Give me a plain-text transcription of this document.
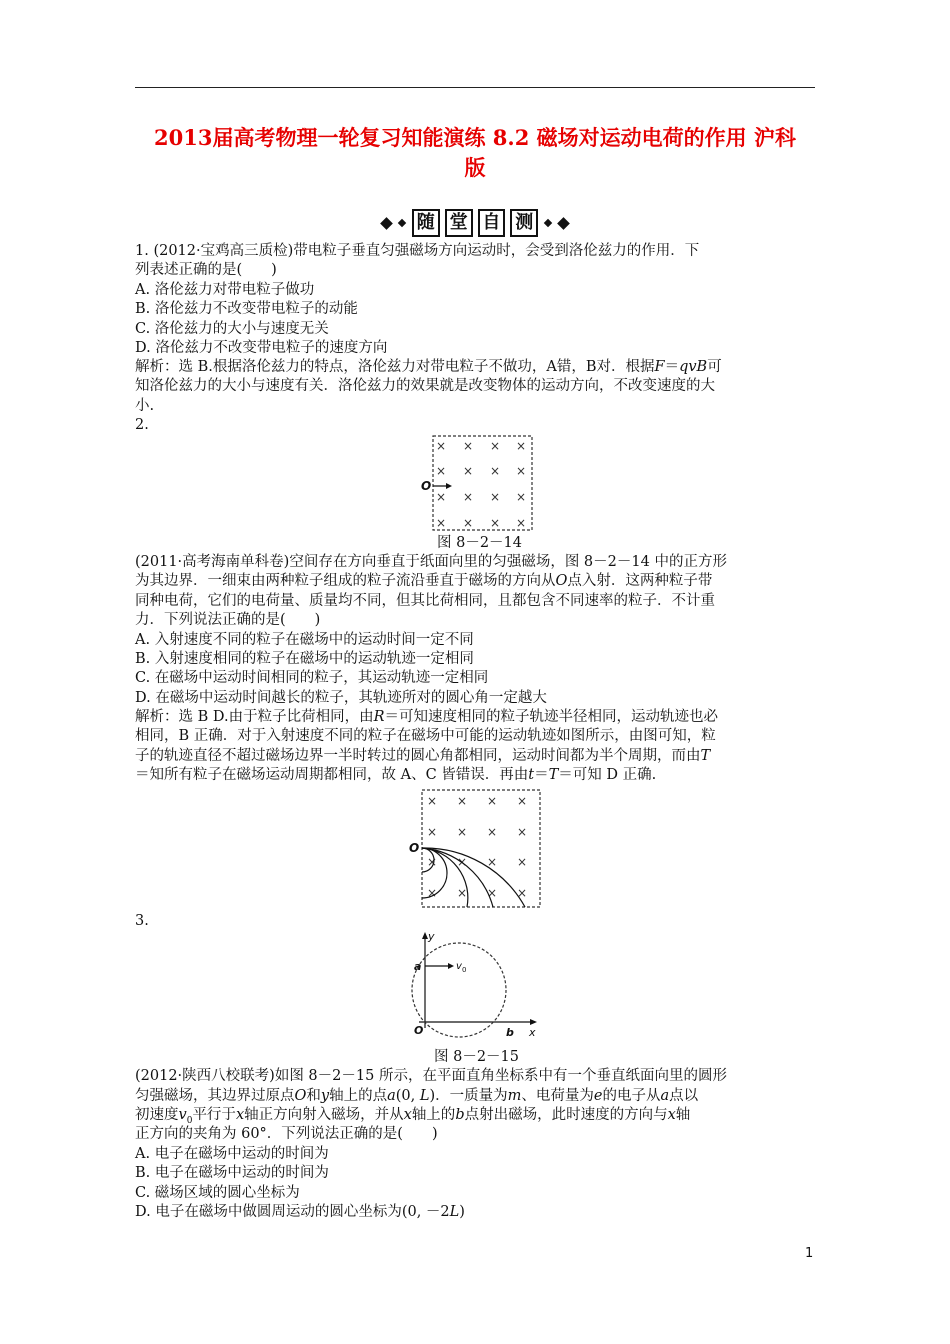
2013届高考物理一轮复习知能演练 8.2 磁场对运动电荷的作用 沪科
版
随 堂 自 测
1. (2012·宝鸡高三质检)带电粒子垂直匀强磁场方向运动时，会受到洛伦兹力的作用．下
列表述正确的是(　　)
A. 洛伦兹力对带电粒子做功
B. 洛伦兹力不改变带电粒子的动能
C. 洛伦兹力的大小与速度无关
D. 洛伦兹力不改变带电粒子的速度方向
解析：选 B.根据洛伦兹力的特点，洛伦兹力对带电粒子不做功，A错，B对．根据F＝qvB可
知洛伦兹力的大小与速度有关．洛伦兹力的效果就是改变物体的运动方向，不改变速度的大
小.
2.
× × × ×
× × × ×
× × × ×
× × × ×
O
图 8－2－14
(2011·高考海南单科卷)空间存在方向垂直于纸面向里的匀强磁场，图 8－2－14 中的正方形
为其边界．一细束由两种粒子组成的粒子流沿垂直于磁场的方向从O点入射．这两种粒子带
同种电荷，它们的电荷量、质量均不同，但其比荷相同，且都包含不同速率的粒子．不计重
力．下列说法正确的是(　　)
A. 入射速度不同的粒子在磁场中的运动时间一定不同
B. 入射速度相同的粒子在磁场中的运动轨迹一定相同
C. 在磁场中运动时间相同的粒子，其运动轨迹一定相同
D. 在磁场中运动时间越长的粒子，其轨迹所对的圆心角一定越大
解析：选 B D.由于粒子比荷相同，由R＝可知速度相同的粒子轨迹半径相同，运动轨迹也必
相同，B 正确．对于入射速度不同的粒子在磁场中可能的运动轨迹如图所示，由图可知，粒
子的轨迹直径不超过磁场边界一半时转过的圆心角都相同，运动时间都为半个周期，而由T
＝知所有粒子在磁场运动周期都相同，故 A、C 皆错误．再由t＝T＝可知 D 正确.
× × × ×
× × × ×
× × × ×
× × × ×
O
3.
y
x
a
O	b
v 0
图 8－2－15
(2012·陕西八校联考)如图 8－2－15 所示，在平面直角坐标系中有一个垂直纸面向里的圆形
匀强磁场，其边界过原点O和y轴上的点a(0, L)．一质量为m、电荷量为e的电子从a点以
初速度$v_0$平行于x轴正方向射入磁场，并从x轴上的b点射出磁场，此时速度的方向与x轴
正方向的夹角为 60°．下列说法正确的是(　　)
A. 电子在磁场中运动的时间为
B. 电子在磁场中运动的时间为
C. 磁场区域的圆心坐标为
D. 电子在磁场中做圆周运动的圆心坐标为(0, －2L)
1
